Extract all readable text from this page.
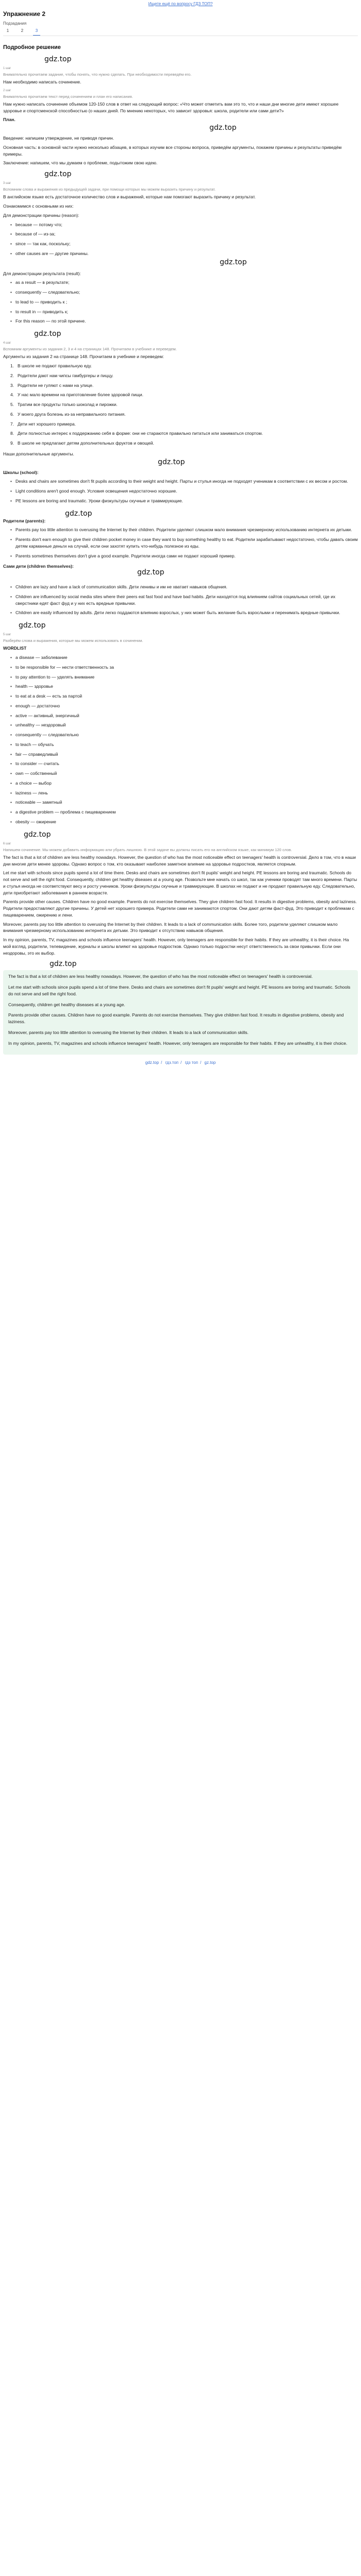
Ищете ещё по вопросу ГДЗ ТОП?
Упражнение 2
Подзадания
1	2	3
Подробное решение
gdz.top
1 шаг
Внимательно прочитаем задание, чтобы понять, что нужно сделать. При необходимости переведём его.

Нам необходимо написать сочинение.

2 шаг
Внимательно прочитаем текст перед сочинением и план его написания.

Нам нужно написать сочинение объемом 120-150 слов в ответ на следующий вопрос: «Что может отметить вам это то, что и наши дни многие дети имеют хорошее здоровье и спортсменской способностью (о наших дней. По мнению некоторых, что зависит здоровья: школа, родители или сами дети?»

План.

gdz.top

Введение: напишем утверждение, не приводя причин.

Основная часть: в основной части нужно несколько абзацев, в которых изучим все стороны вопроса, приведём аргументы, покажем причины и результаты приведём примеры.

Заключение: напишем, что мы думаем о проблеме, подытожим свою идею.

gdz.top
3 шаг
Вспомним слова и выражения из предыдущей задачи, при помощи которых мы можем выразить причину и результат.

В английском языке есть достаточное количество слов и выражений, которые нам помогают выразить причину и результат.

Ознакомимся с основными из них:

Для демонстрации причины (reason):

• because — потому что;
• because of — из-за;
• since — так как, поскольку;
• other causes are — другие причины.
gdz.top

Для демонстрации результата (result):

• as a result — в результате;
• consequently — следовательно;
• to lead to — приводить к ;
• to result in — приводить к;
• For this reason — по этой причине.
gdz.top
4 шаг
Вспомним аргументы из задания 2, 3 и 4 на страницах 148. Прочитаем в учебнике и переведем.

Аргументы из задания 2 на странице 148. Прочитаем в учебнике и переведем:

1. В школе не подают правильную еду.
2. Родители дают нам чипсы гамбургеры и пиццу.
3. Родители не гуляют с нами на улице.
4. У нас мало времени на приготовление более здоровой пищи.
5. Тратим все продукты только шоколад и пирожки.
6. У моего друга болезнь из-за неправильного питания.
7. Дети нет хорошего примера.
8. Дети полностью интерес к поддержанию себя в форме: они не стараются правильно питаться или заниматься спортом.
9. В школе не предлагают детям дополнительных фруктов и овощей.

Наши дополнительные аргументы.

gdz.top

Школы (school):

• Desks and chairs are sometimes don't fit pupils according to their weight and height. Парты и стулья иногда не подходят ученикам в соответствии с их весом и ростом.
• Light conditions aren't good enough. Условия освещения недостаточно хорошие.
• PE lessons are boring and traumatic. Уроки физкультуры скучные и травмирующие.
gdz.top

Родители (parents):

• Parents pay too little attention to overusing the Internet by their children. Родители уделяют слишком мало внимания чрезмерному использованию интернета их детьми.
• Parents don't earn enough to give their children pocket money in case they want to buy something healthy to eat. Родители зарабатывают недостаточно, чтобы давать своим детям карманные деньги на случай, если они захотят купить что-нибудь полезное из еды.
• Parents sometimes themselves don't give a good example. Родители иногда сами не подают хороший пример.

Сами дети (children themselves):

gdz.top
• Children are lazy and have a lack of communication skills. Дети ленивы и им не хватает навыков общения.
• Children are influenced by social media sites where their peers eat fast food and have bad habits. Дети находятся под влиянием сайтов социальных сетей, где их сверстники едят фаст фуд и у них есть вредные привычки.
• Children are easily influenced by adults. Дети легко поддаются влиянию взрослых, у них может быть желание быть взрослыми и перенимать вредные привычки.
gdz.top
5 шаг
Разберём слова и выражения, которые мы можем использовать в сочинении.

WORDLIST

• a disease — заболевание
• to be responsible for — нести ответственность за
• to pay attention to — уделять внимание
• health — здоровье
• to eat at a desk — есть за партой
• enough — достаточно
• active — активный, энергичный
• unhealthy — нездоровый
• consequently — следовательно
• to teach — обучать
• fair — справедливый
• to consider — считать
• own — собственный
• a choice — выбор
• laziness — лень
• noticeable — заметный
• a digestive problem — проблема с пищеварением
• obesity — ожирение
gdz.top
6 шаг
Напишем сочинение. Мы можем добавить информацию или убрать лишнюю. В этой задаче вы должны писать его на английском языке, как минимум 120 слов.

The fact is that a lot of children are less healthy nowadays. However, the question of who has the most noticeable effect on teenagers' health is controversial. Дело в том, что в наши дни многие дети менее здоровы. Однако вопрос о том, кто оказывает наиболее заметное влияние на здоровье подростков, является спорным.

Let me start with schools since pupils spend a lot of time there. Desks and chairs are sometimes don't fit pupils' weight and height. PE lessons are boring and traumatic. Schools do not serve and sell the right food. Consequently, children get healthy diseases at a young age. Позвольте мне начать со школ, так как ученики проводят там много времени. Парты и стулья иногда не соответствуют весу и росту учеников. Уроки физкультуры скучные и травмирующие. В школах не подают и не продают правильную еду. Следовательно, дети приобретают заболевания в раннем возрасте.

Parents provide other causes. Children have no good example. Parents do not exercise themselves. They give children fast food. It results in digestive problems, obesity and laziness. Родители предоставляют другие причины. У детей нет хорошего примера. Родители сами не занимаются спортом. Они дают детям фаст-фуд. Это приводит к проблемам с пищеварением, ожирению и лени.

Moreover, parents pay too little attention to overusing the Internet by their children. It leads to a lack of communication skills. Более того, родители уделяют слишком мало внимания чрезмерному использованию интернета их детьми. Это приводит к отсутствию навыков общения.

In my opinion, parents, TV, magazines and schools influence teenagers' health. However, only teenagers are responsible for their habits. If they are unhealthy, it is their choice. На мой взгляд, родители, телевидение, журналы и школы влияют на здоровье подростков. Однако только подростки несут ответственность за свои привычки. Если они нездоровы, это их выбор.

gdz.top

The fact is that a lot of children are less healthy nowadays. However, the question of who has the most noticeable effect on teenagers' health is controversial.

Let me start with schools since pupils spend a lot of time there. Desks and chairs are sometimes don't fit pupils' weight and height. PE lessons are boring and traumatic. Schools do not serve and sell the right food.

Consequently, children get healthy diseases at a young age.

Parents provide other causes. Children have no good example. Parents do not exercise themselves. They give children fast food. It results in digestive problems, obesity and laziness.

Moreover, parents pay too little attention to overusing the Internet by their children. It leads to a lack of communication skills.

In my opinion, parents, TV, magazines and schools influence teenagers' health. However, only teenagers are responsible for their habits. If they are unhealthy, it is their choice.

gdz.top / гдз.топ / гдз топ / gz.top
